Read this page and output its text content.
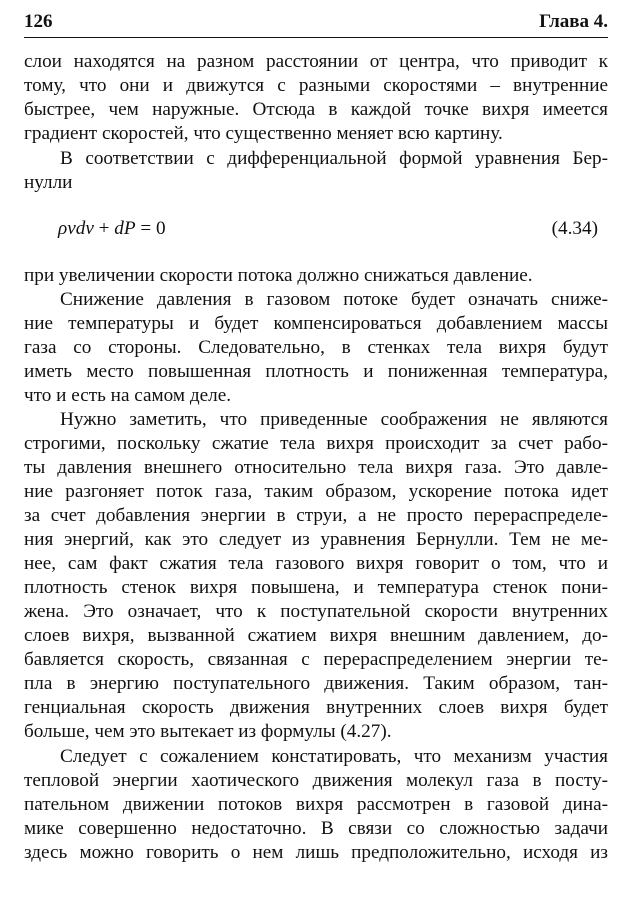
126	Глава 4.
слои находятся на разном расстоянии от центра, что приводит к
тому, что они и движутся с разными скоростями – внутренние
быстрее, чем наружные. Отсюда в каждой точке вихря имеется
градиент скоростей, что существенно меняет всю картину.
В соответствии с дифференциальной формой уравнения Бер-
нулли
ρvdv + dP = 0	(4.34)
при увеличении скорости потока должно снижаться давление.
Снижение давления в газовом потоке будет означать сниже-
ние температуры и будет компенсироваться добавлением массы
газа со стороны. Следовательно, в стенках тела вихря будут
иметь место повышенная плотность и пониженная температура,
что и есть на самом деле.
Нужно заметить, что приведенные соображения не являются
строгими, поскольку сжатие тела вихря происходит за счет рабо-
ты давления внешнего относительно тела вихря газа. Это давле-
ние разгоняет поток газа, таким образом, ускорение потока идет
за счет добавления энергии в струи, а не просто перераспределе-
ния энергий, как это следует из уравнения Бернулли. Тем не ме-
нее, сам факт сжатия тела газового вихря говорит о том, что и
плотность стенок вихря повышена, и температура стенок пони-
жена. Это означает, что к поступательной скорости внутренних
слоев вихря, вызванной сжатием вихря внешним давлением, до-
бавляется скорость, связанная с перераспределением энергии те-
пла в энергию поступательного движения. Таким образом, тан-
генциальная скорость движения внутренних слоев вихря будет
больше, чем это вытекает из формулы (4.27).
Следует с сожалением констатировать, что механизм участия
тепловой энергии хаотического движения молекул газа в посту-
пательном движении потоков вихря рассмотрен в газовой дина-
мике совершенно недостаточно. В связи со сложностью задачи
здесь можно говорить о нем лишь предположительно, исходя из
